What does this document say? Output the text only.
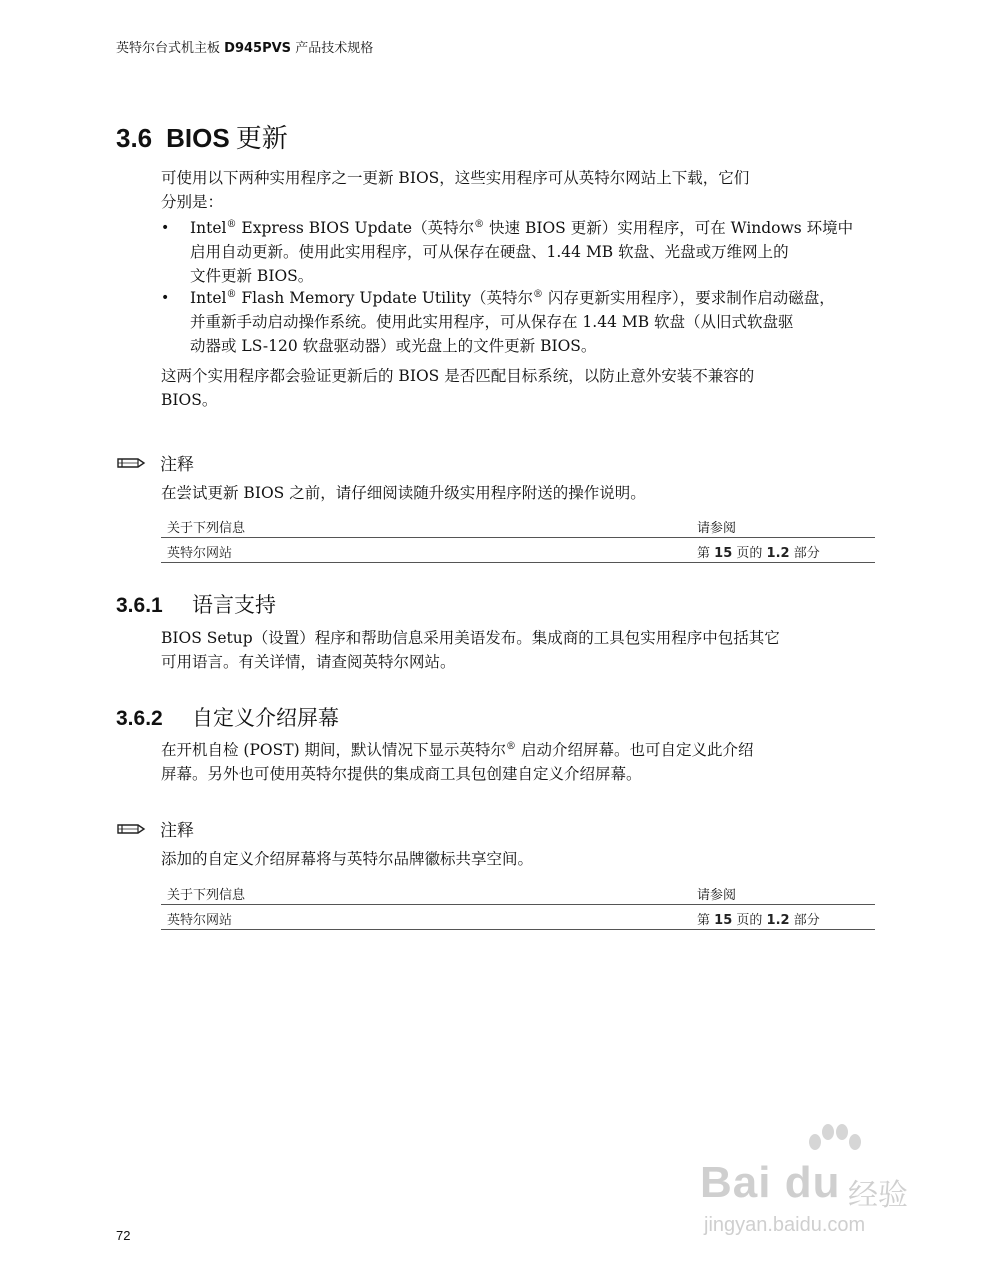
英特尔台式机主板 D945PVS 产品技术规格
3.6 BIOS 更新
可使用以下两种实用程序之一更新 BIOS，这些实用程序可从英特尔网站上下载，它们
分别是：
• Intel® Express BIOS Update（英特尔® 快速 BIOS 更新）实用程序，可在 Windows 环境中
启用自动更新。使用此实用程序，可从保存在硬盘、1.44 MB 软盘、光盘或万维网上的
文件更新 BIOS。
• Intel® Flash Memory Update Utility（英特尔® 闪存更新实用程序），要求制作启动磁盘，
并重新手动启动操作系统。使用此实用程序，可从保存在 1.44 MB 软盘（从旧式软盘驱
动器或 LS-120 软盘驱动器）或光盘上的文件更新 BIOS。
这两个实用程序都会验证更新后的 BIOS 是否匹配目标系统，以防止意外安装不兼容的
BIOS。
注释
在尝试更新 BIOS 之前，请仔细阅读随升级实用程序附送的操作说明。
关于下列信息	请参阅
英特尔网站	第 15 页的 1.2 部分
3.6.1 语言支持
BIOS Setup（设置）程序和帮助信息采用美语发布。集成商的工具包实用程序中包括其它
可用语言。有关详情，请查阅英特尔网站。
3.6.2 自定义介绍屏幕
在开机自检 (POST) 期间，默认情况下显示英特尔® 启动介绍屏幕。也可自定义此介绍
屏幕。另外也可使用英特尔提供的集成商工具包创建自定义介绍屏幕。
注释
添加的自定义介绍屏幕将与英特尔品牌徽标共享空间。
关于下列信息	请参阅
英特尔网站	第 15 页的 1.2 部分
Bai du 经验
jingyan.baidu.com
72
